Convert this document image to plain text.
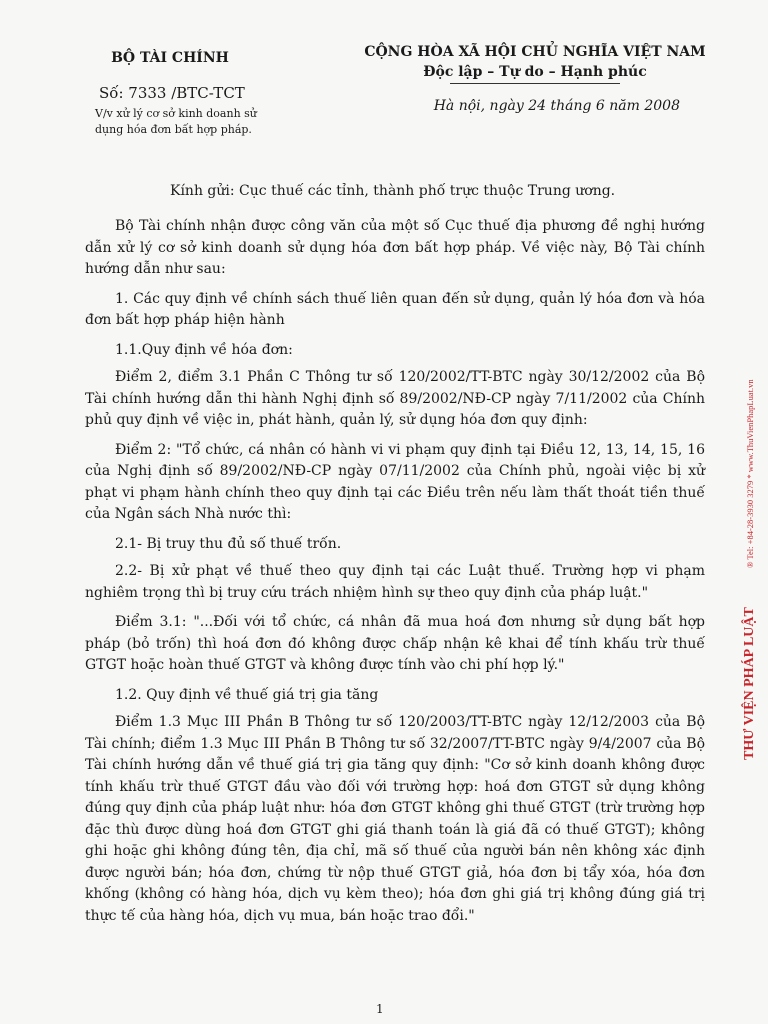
BỘ TÀI CHÍNH
Số: 7333 /BTC-TCT
V/v xử lý cơ sở kinh doanh sử dụng hóa đơn bất hợp pháp.
CỘNG HÒA XÃ HỘI CHỦ NGHĨA VIỆT NAM
Độc lập – Tự do – Hạnh phúc
Hà nội, ngày 24 tháng 6 năm 2008
Kính gửi: Cục thuế các tỉnh, thành phố trực thuộc Trung ương.

Bộ Tài chính nhận được công văn của một số Cục thuế địa phương đề nghị hướng dẫn xử lý cơ sở kinh doanh sử dụng hóa đơn bất hợp pháp. Về việc này, Bộ Tài chính hướng dẫn như sau:

1. Các quy định về chính sách thuế liên quan đến sử dụng, quản lý hóa đơn và hóa đơn bất hợp pháp hiện hành

1.1.Quy định về hóa đơn:

Điểm 2, điểm 3.1 Phần C Thông tư số 120/2002/TT-BTC ngày 30/12/2002 của Bộ Tài chính hướng dẫn thi hành Nghị định số 89/2002/NĐ-CP ngày 7/11/2002 của Chính phủ quy định về việc in, phát hành, quản lý, sử dụng hóa đơn quy định:

Điểm 2: "Tổ chức, cá nhân có hành vi vi phạm quy định tại Điều 12, 13, 14, 15, 16 của Nghị định số 89/2002/NĐ-CP ngày 07/11/2002 của Chính phủ, ngoài việc bị xử phạt vi phạm hành chính theo quy định tại các Điều trên nếu làm thất thoát tiền thuế của Ngân sách Nhà nước thì:

2.1- Bị truy thu đủ số thuế trốn.

2.2- Bị xử phạt về thuế theo quy định tại các Luật thuế. Trường hợp vi phạm nghiêm trọng thì bị truy cứu trách nhiệm hình sự theo quy định của pháp luật."

Điểm 3.1: "...Đối với tổ chức, cá nhân đã mua hoá đơn nhưng sử dụng bất hợp pháp (bỏ trốn) thì hoá đơn đó không được chấp nhận kê khai để tính khấu trừ thuế GTGT hoặc hoàn thuế GTGT và không được tính vào chi phí hợp lý."

1.2. Quy định về thuế giá trị gia tăng

Điểm 1.3 Mục III Phần B Thông tư số 120/2003/TT-BTC ngày 12/12/2003 của Bộ Tài chính; điểm 1.3 Mục III Phần B Thông tư số 32/2007/TT-BTC ngày 9/4/2007 của Bộ Tài chính hướng dẫn về thuế giá trị gia tăng quy định: "Cơ sở kinh doanh không được tính khấu trừ thuế GTGT đầu vào đối với trường hợp: hoá đơn GTGT sử dụng không đúng quy định của pháp luật như: hóa đơn GTGT không ghi thuế GTGT (trừ trường hợp đặc thù được dùng hoá đơn GTGT ghi giá thanh toán là giá đã có thuế GTGT); không ghi hoặc ghi không đúng tên, địa chỉ, mã số thuế của người bán nên không xác định được người bán; hóa đơn, chứng từ nộp thuế GTGT giả, hóa đơn bị tẩy xóa, hóa đơn khống (không có hàng hóa, dịch vụ kèm theo); hóa đơn ghi giá trị không đúng giá trị thực tế của hàng hóa, dịch vụ mua, bán hoặc trao đổi."

THƯ VIỆN PHÁP LUẬT
® Tel: +84-28-3930 3279 * www.ThuVienPhapLuat.vn
1
